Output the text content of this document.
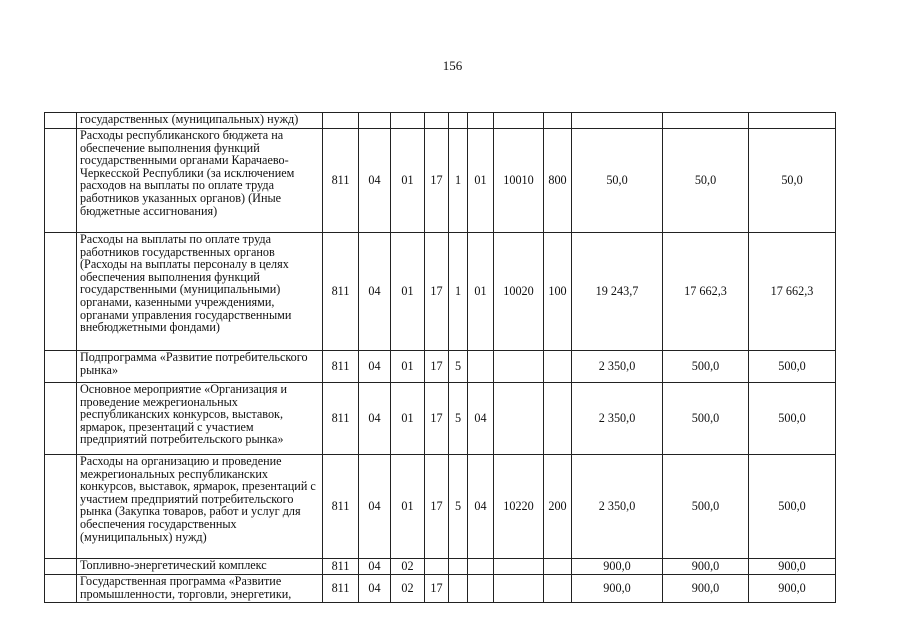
156
	государственных (муниципальных) нужд)											
	Расходы республиканского бюджета на обеспечение выполнения функций государственными органами Карачаево-Черкесской Республики (за исключением расходов на выплаты по оплате труда работников указанных органов) (Иные бюджетные ассигнования)	811	04	01	17	1	01	10010	800	50,0	50,0	50,0
	Расходы на выплаты по оплате труда работников государственных органов (Расходы на выплаты персоналу в целях обеспечения выполнения функций государственными (муниципальными) органами, казенными учреждениями, органами управления государственными внебюджетными фондами)	811	04	01	17	1	01	10020	100	19 243,7	17 662,3	17 662,3
	Подпрограмма «Развитие потребительского рынка»	811	04	01	17	5				2 350,0	500,0	500,0
	Основное мероприятие «Организация и проведение межрегиональных республиканских конкурсов, выставок, ярмарок, презентаций с участием предприятий потребительского рынка»	811	04	01	17	5	04			2 350,0	500,0	500,0
	Расходы на организацию и проведение межрегиональных республиканских конкурсов, выставок, ярмарок, презентаций с участием предприятий потребительского рынка (Закупка товаров, работ и услуг для обеспечения государственных (муниципальных) нужд)	811	04	01	17	5	04	10220	200	2 350,0	500,0	500,0
	Топливно-энергетический комплекс	811	04	02						900,0	900,0	900,0
	Государственная программа «Развитие промышленности, торговли, энергетики,	811	04	02	17					900,0	900,0	900,0
